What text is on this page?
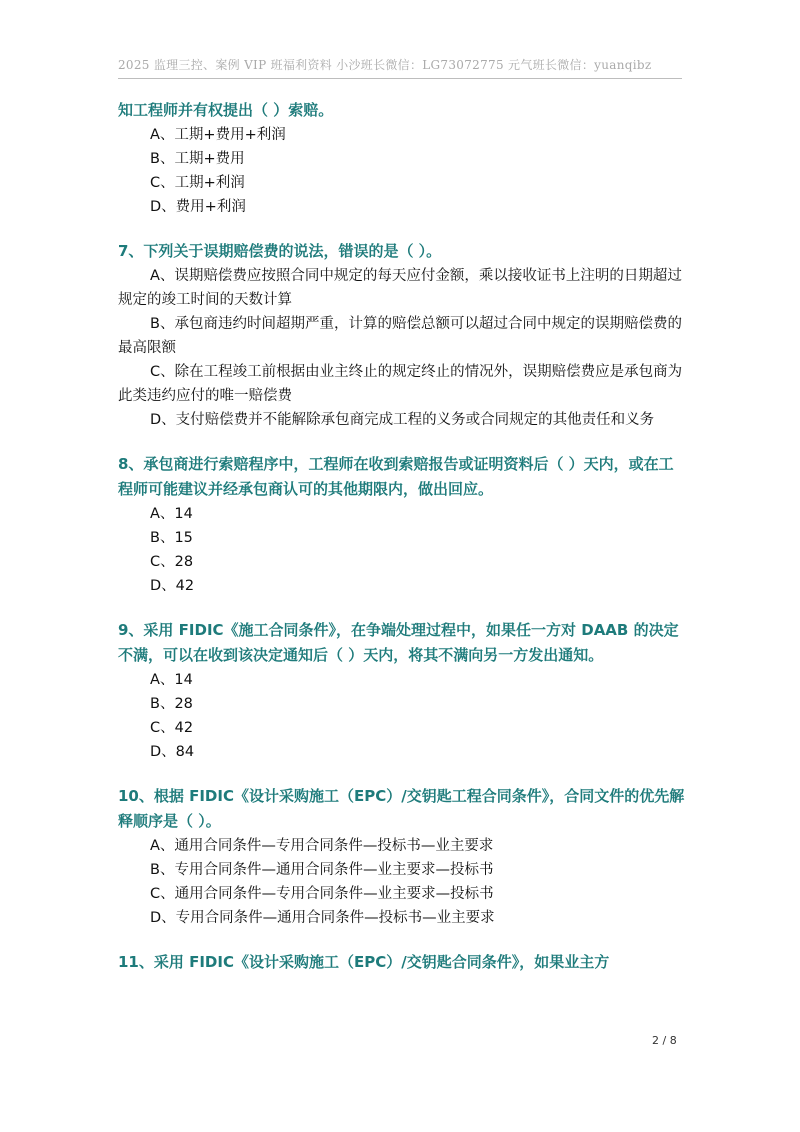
2025 监理三控、案例 VIP 班福利资料 小沙班长微信：LG73072775 元气班长微信：yuanqibz
知工程师并有权提出（ ）索赔。
A、工期+费用+利润
B、工期+费用
C、工期+利润
D、费用+利润
7、下列关于误期赔偿费的说法，错误的是（ ）。
A、误期赔偿费应按照合同中规定的每天应付金额，乘以接收证书上注明的日期超过规定的竣工时间的天数计算
B、承包商违约时间超期严重，计算的赔偿总额可以超过合同中规定的误期赔偿费的最高限额
C、除在工程竣工前根据由业主终止的规定终止的情况外，误期赔偿费应是承包商为此类违约应付的唯一赔偿费
D、支付赔偿费并不能解除承包商完成工程的义务或合同规定的其他责任和义务
8、承包商进行索赔程序中，工程师在收到索赔报告或证明资料后（ ）天内，或在工程师可能建议并经承包商认可的其他期限内，做出回应。
A、14
B、15
C、28
D、42
9、采用 FIDIC《施工合同条件》，在争端处理过程中，如果任一方对 DAAB 的决定不满，可以在收到该决定通知后（ ）天内，将其不满向另一方发出通知。
A、14
B、28
C、42
D、84
10、根据 FIDIC《设计采购施工（EPC）/交钥匙工程合同条件》，合同文件的优先解释顺序是（ ）。
A、通用合同条件—专用合同条件—投标书—业主要求
B、专用合同条件—通用合同条件—业主要求—投标书
C、通用合同条件—专用合同条件—业主要求—投标书
D、专用合同条件—通用合同条件—投标书—业主要求
11、采用 FIDIC《设计采购施工（EPC）/交钥匙合同条件》，如果业主方
2 / 8
